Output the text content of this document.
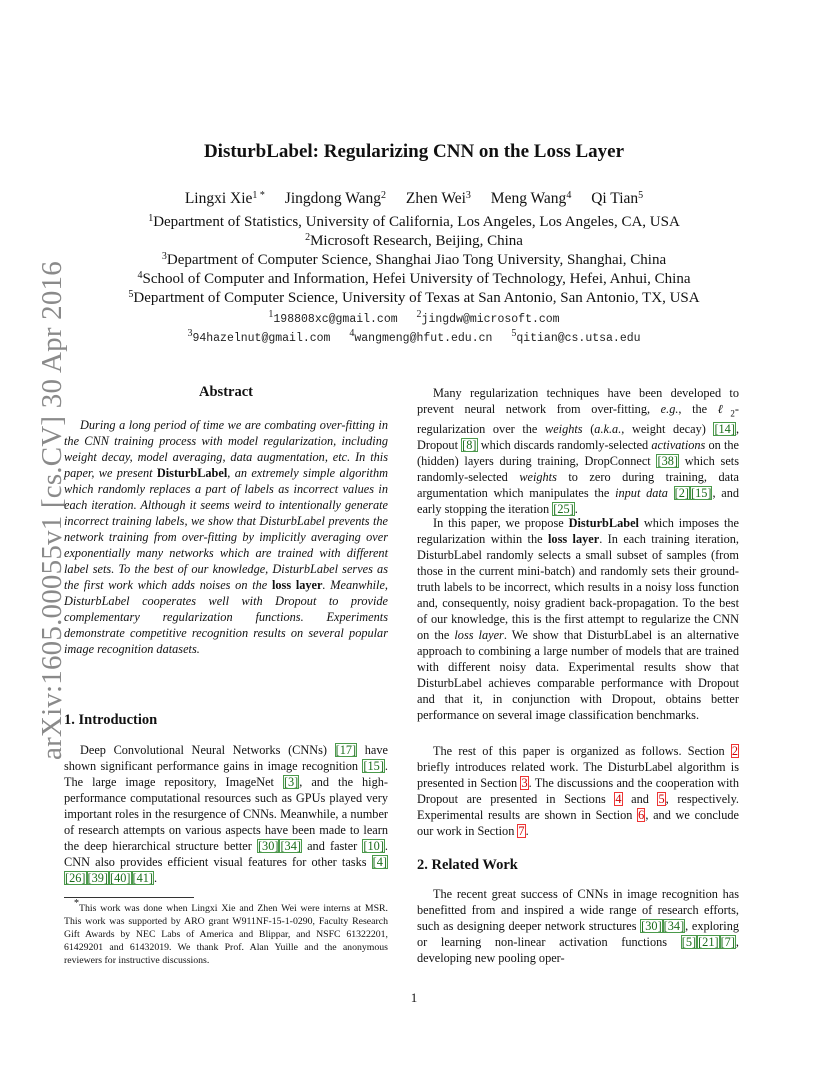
arXiv:1605.00055v1 [cs.CV] 30 Apr 2016
DisturbLabel: Regularizing CNN on the Loss Layer
Lingxi Xie$^{1 *}$ Jingdong Wang$^2$ Zhen Wei$^3$ Meng Wang$^4$ Qi Tian$^5$
$^1$Department of Statistics, University of California, Los Angeles, Los Angeles, CA, USA
$^2$Microsoft Research, Beijing, China
$^3$Department of Computer Science, Shanghai Jiao Tong University, Shanghai, China
$^4$School of Computer and Information, Hefei University of Technology, Hefei, Anhui, China
$^5$Department of Computer Science, University of Texas at San Antonio, San Antonio, TX, USA
$^1$198808xc@gmail.com $^2$jingdw@microsoft.com
$^3$94hazelnut@gmail.com $^4$wangmeng@hfut.edu.cn $^5$qitian@cs.utsa.edu
Abstract
During a long period of time we are combating over-fitting in the CNN training process with model regularization, including weight decay, model averaging, data augmentation, etc. In this paper, we present DisturbLabel, an extremely simple algorithm which randomly replaces a part of labels as incorrect values in each iteration. Although it seems weird to intentionally generate incorrect training labels, we show that DisturbLabel prevents the network training from over-fitting by implicitly averaging over exponentially many networks which are trained with different label sets. To the best of our knowledge, DisturbLabel serves as the first work which adds noises on the loss layer. Meanwhile, DisturbLabel cooperates well with Dropout to provide complementary regularization functions. Experiments demonstrate competitive recognition results on several popular image recognition datasets.
1. Introduction
Deep Convolutional Neural Networks (CNNs) [17] have shown significant performance gains in image recognition [15]. The large image repository, ImageNet [3], and the high-performance computational resources such as GPUs played very important roles in the resurgence of CNNs. Meanwhile, a number of research attempts on various aspects have been made to learn the deep hierarchical structure better [30] [34] and faster [10]. CNN also provides efficient visual features for other tasks [4][26] [39] [40] [41].
*This work was done when Lingxi Xie and Zhen Wei were interns at MSR. This work was supported by ARO grant W911NF-15-1-0290, Faculty Research Gift Awards by NEC Labs of America and Blippar, and NSFC 61322201, 61429201 and 61432019. We thank Prof. Alan Yuille and the anonymous reviewers for instructive discussions.
Many regularization techniques have been developed to prevent neural network from over-fitting, e.g., the ℓ$_2$-regularization over the weights (a.k.a., weight decay) [14], Dropout [8] which discards randomly-selected activations on the (hidden) layers during training, DropConnect [38] which sets randomly-selected weights to zero during training, data argumentation which manipulates the input data [2] [15], and early stopping the iteration [25].
In this paper, we propose DisturbLabel which imposes the regularization within the loss layer. In each training iteration, DisturbLabel randomly selects a small subset of samples (from those in the current mini-batch) and randomly sets their ground-truth labels to be incorrect, which results in a noisy loss function and, consequently, noisy gradient back-propagation. To the best of our knowledge, this is the first attempt to regularize the CNN on the loss layer. We show that DisturbLabel is an alternative approach to combining a large number of models that are trained with different noisy data. Experimental results show that DisturbLabel achieves comparable performance with Dropout and that it, in conjunction with Dropout, obtains better performance on several image classification benchmarks.
The rest of this paper is organized as follows. Section 2 briefly introduces related work. The DisturbLabel algorithm is presented in Section 3. The discussions and the cooperation with Dropout are presented in Sections 4 and 5, respectively. Experimental results are shown in Section 6, and we conclude our work in Section 7.
2. Related Work
The recent great success of CNNs in image recognition has benefitted from and inspired a wide range of research efforts, such as designing deeper network structures [30] [34], exploring or learning non-linear activation functions [5] [21] [7], developing new pooling oper-
1
